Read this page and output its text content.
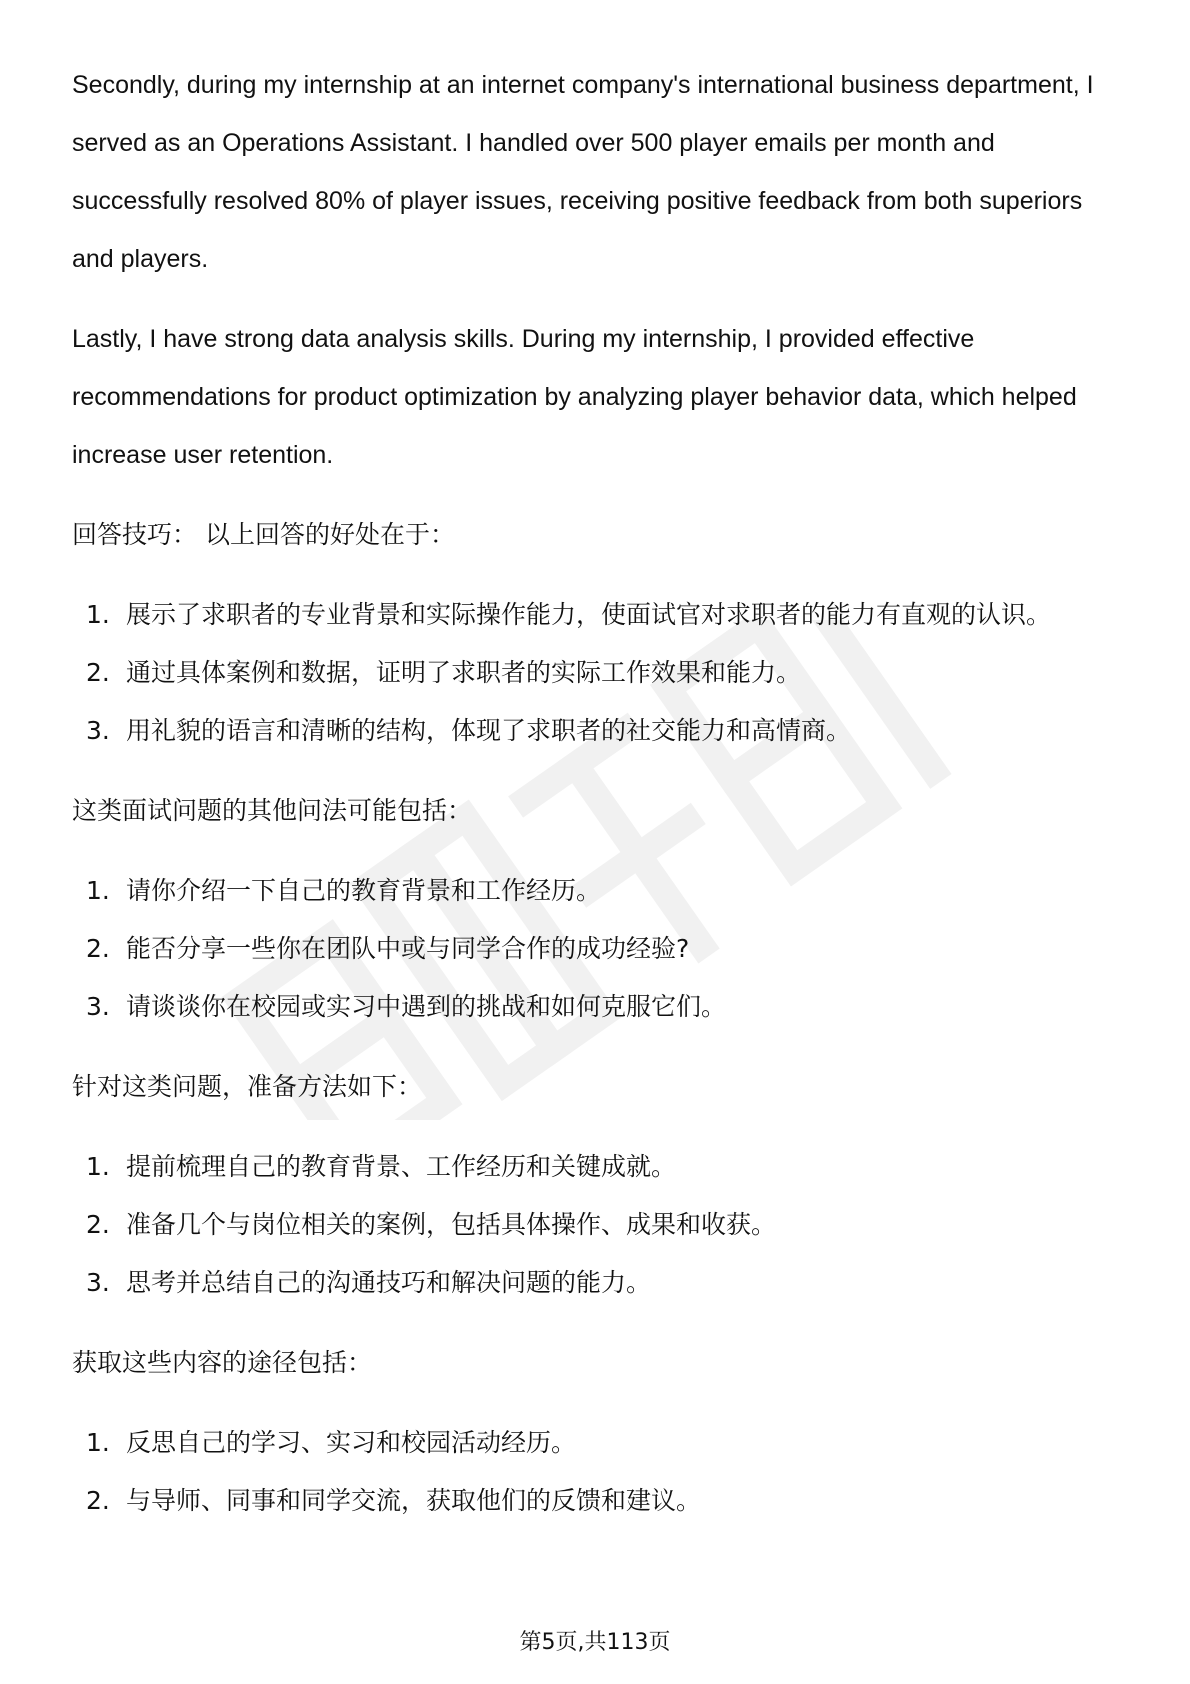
Secondly, during my internship at an internet company's international business department, I served as an Operations Assistant. I handled over 500 player emails per month and successfully resolved 80% of player issues, receiving positive feedback from both superiors and players.

Lastly, I have strong data analysis skills. During my internship, I provided effective recommendations for product optimization by analyzing player behavior data, which helped increase user retention.

回答技巧： 以上回答的好处在于：
1. 展示了求职者的专业背景和实际操作能力，使面试官对求职者的能力有直观的认识。
2. 通过具体案例和数据，证明了求职者的实际工作效果和能力。
3. 用礼貌的语言和清晰的结构，体现了求职者的社交能力和高情商。
这类面试问题的其他问法可能包括：
1. 请你介绍一下自己的教育背景和工作经历。
2. 能否分享一些你在团队中或与同学合作的成功经验?
3. 请谈谈你在校园或实习中遇到的挑战和如何克服它们。
针对这类问题，准备方法如下：
1. 提前梳理自己的教育背景、工作经历和关键成就。
2. 准备几个与岗位相关的案例，包括具体操作、成果和收获。
3. 思考并总结自己的沟通技巧和解决问题的能力。
获取这些内容的途径包括：
1. 反思自己的学习、实习和校园活动经历。
2. 与导师、同事和同学交流，获取他们的反馈和建议。
第5页,共113页
